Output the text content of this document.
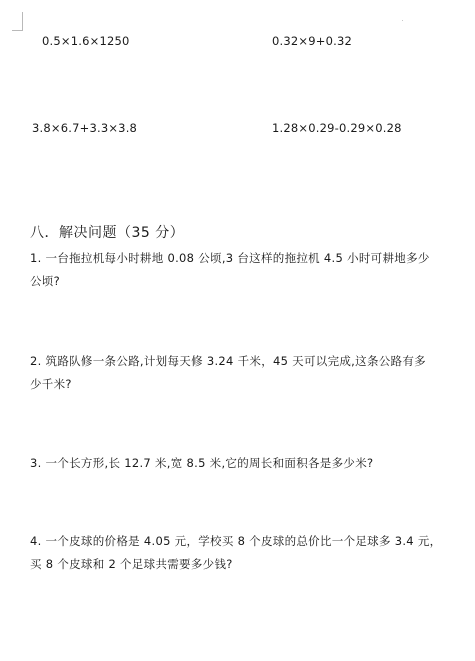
0.5×1.6×1250	0.32×9+0.32
3.8×6.7+3.3×3.8	1.28×0.29-0.29×0.28
八．解决问题（35 分）
1. 一台拖拉机每小时耕地 0.08 公顷,3 台这样的拖拉机 4.5 小时可耕地多少
公顷?
2. 筑路队修一条公路,计划每天修 3.24 千米，45 天可以完成,这条公路有多
少千米?
3. 一个长方形,长 12.7 米,宽 8.5 米,它的周长和面积各是多少米?
4. 一个皮球的价格是 4.05 元，学校买 8 个皮球的总价比一个足球多 3.4 元，
买 8 个皮球和 2 个足球共需要多少钱?
